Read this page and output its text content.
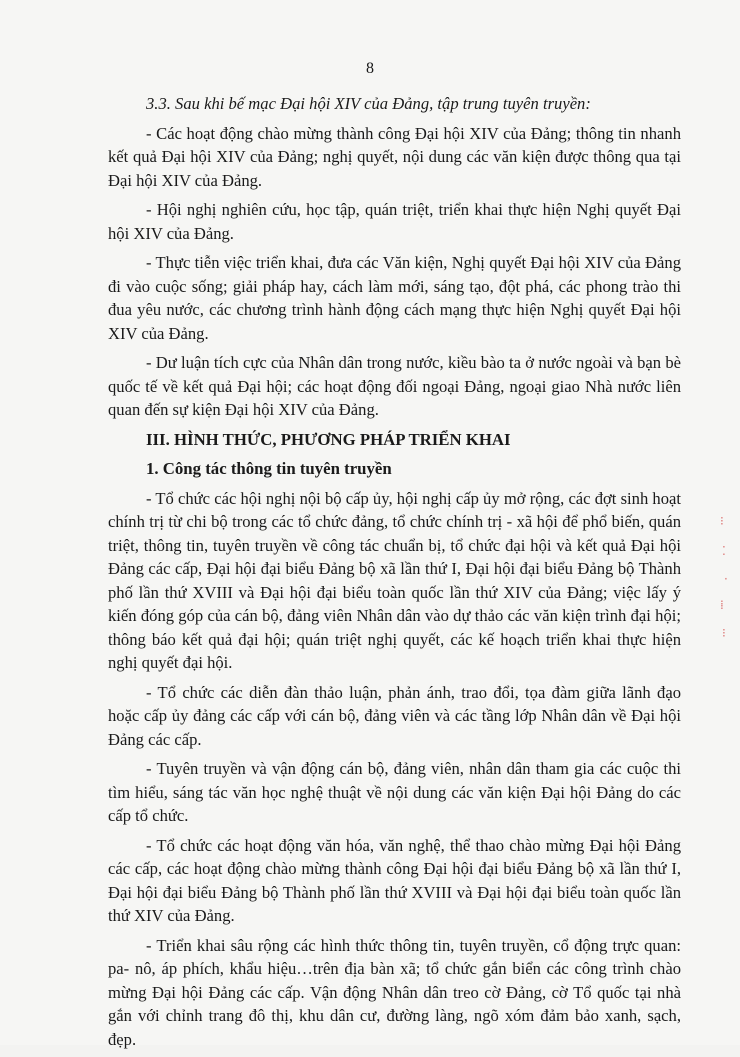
8

3.3. Sau khi bế mạc Đại hội XIV của Đảng, tập trung tuyên truyền:

- Các hoạt động chào mừng thành công Đại hội XIV của Đảng; thông tin nhanh kết quả Đại hội XIV của Đảng; nghị quyết, nội dung các văn kiện được thông qua tại Đại hội XIV của Đảng.

- Hội nghị nghiên cứu, học tập, quán triệt, triển khai thực hiện Nghị quyết Đại hội XIV của Đảng.

- Thực tiễn việc triển khai, đưa các Văn kiện, Nghị quyết Đại hội XIV của Đảng đi vào cuộc sống; giải pháp hay, cách làm mới, sáng tạo, đột phá, các phong trào thi đua yêu nước, các chương trình hành động cách mạng thực hiện Nghị quyết Đại hội XIV của Đảng.

- Dư luận tích cực của Nhân dân trong nước, kiều bào ta ở nước ngoài và bạn bè quốc tế về kết quả Đại hội; các hoạt động đối ngoại Đảng, ngoại giao Nhà nước liên quan đến sự kiện Đại hội XIV của Đảng.

III. HÌNH THỨC, PHƯƠNG PHÁP TRIỂN KHAI

1. Công tác thông tin tuyên truyền

- Tổ chức các hội nghị nội bộ cấp ủy, hội nghị cấp ủy mở rộng, các đợt sinh hoạt chính trị từ chi bộ trong các tổ chức đảng, tổ chức chính trị - xã hội để phổ biến, quán triệt, thông tin, tuyên truyền về công tác chuẩn bị, tổ chức đại hội và kết quả Đại hội Đảng các cấp, Đại hội đại biểu Đảng bộ xã lần thứ I, Đại hội đại biểu Đảng bộ Thành phố lần thứ XVIII và Đại hội đại biểu toàn quốc lần thứ XIV của Đảng; việc lấy ý kiến đóng góp của cán bộ, đảng viên Nhân dân vào dự thảo các văn kiện trình đại hội; thông báo kết quả đại hội; quán triệt nghị quyết, các kế hoạch triển khai thực hiện nghị quyết đại hội.

- Tổ chức các diễn đàn thảo luận, phản ánh, trao đổi, tọa đàm giữa lãnh đạo hoặc cấp ủy đảng các cấp với cán bộ, đảng viên và các tầng lớp Nhân dân về Đại hội Đảng các cấp.

- Tuyên truyền và vận động cán bộ, đảng viên, nhân dân tham gia các cuộc thi tìm hiểu, sáng tác văn học nghệ thuật về nội dung các văn kiện Đại hội Đảng do các cấp tổ chức.

- Tổ chức các hoạt động văn hóa, văn nghệ, thể thao chào mừng Đại hội Đảng các cấp, các hoạt động chào mừng thành công Đại hội đại biểu Đảng bộ xã lần thứ I, Đại hội đại biểu Đảng bộ Thành phố lần thứ XVIII và Đại hội đại biểu toàn quốc lần thứ XIV của Đảng.

- Triển khai sâu rộng các hình thức thông tin, tuyên truyền, cổ động trực quan: pa- nô, áp phích, khẩu hiệu…trên địa bàn xã; tổ chức gắn biển các công trình chào mừng Đại hội Đảng các cấp. Vận động Nhân dân treo cờ Đảng, cờ Tổ quốc tại nhà gắn với chỉnh trang đô thị, khu dân cư, đường làng, ngõ xóm đảm bảo xanh, sạch, đẹp.

⁝
⁚
·
⁞
⁝
